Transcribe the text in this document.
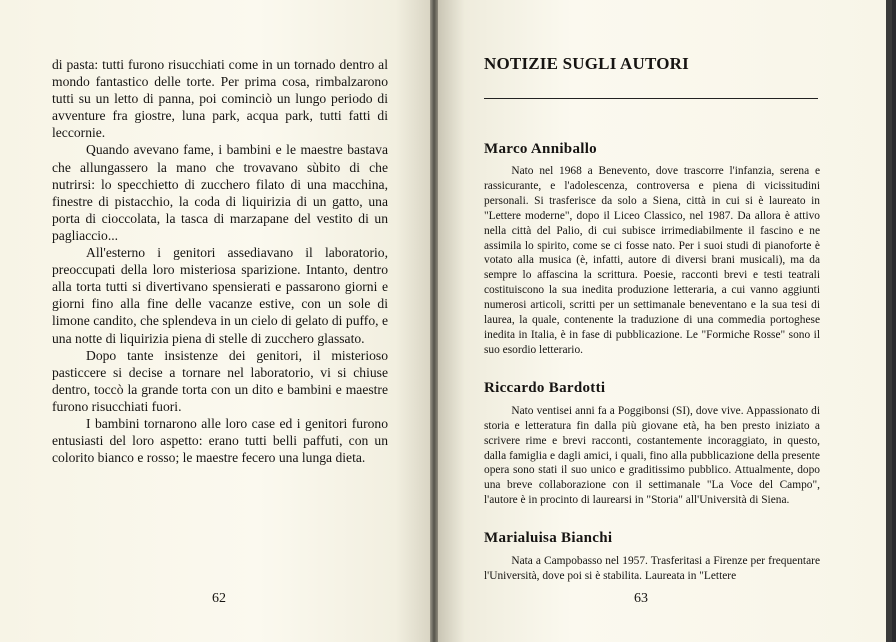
di pasta: tutti furono risucchiati come in un tornado dentro al mondo fantastico delle torte. Per prima cosa, rimbalzarono tutti su un letto di panna, poi cominciò un lungo periodo di avventure fra giostre, luna park, acqua park, tutti fatti di leccornie.

Quando avevano fame, i bambini e le maestre bastava che allungassero la mano che trovavano sùbito di che nutrirsi: lo specchietto di zucchero filato di una macchina, finestre di pistacchio, la coda di liquirizia di un gatto, una porta di cioccolata, la tasca di marzapane del vestito di un pagliaccio...

All'esterno i genitori assediavano il laboratorio, preoccupati della loro misteriosa sparizione. Intanto, dentro alla torta tutti si divertivano spensierati e passarono giorni e giorni fino alla fine delle vacanze estive, con un sole di limone candito, che splendeva in un cielo di gelato di puffo, e una notte di liquirizia piena di stelle di zucchero glassato.

Dopo tante insistenze dei genitori, il misterioso pasticcere si decise a tornare nel laboratorio, vi si chiuse dentro, toccò la grande torta con un dito e bambini e maestre furono risucchiati fuori.

I bambini tornarono alle loro case ed i genitori furono entusiasti del loro aspetto: erano tutti belli paffuti, con un colorito bianco e rosso; le maestre fecero una lunga dieta.

62
NOTIZIE SUGLI AUTORI
Marco Anniballo

Nato nel 1968 a Benevento, dove trascorre l'infanzia, serena e rassicurante, e l'adolescenza, controversa e piena di vicissitudini personali. Si trasferisce da solo a Siena, città in cui si è laureato in "Lettere moderne", dopo il Liceo Classico, nel 1987. Da allora è attivo nella città del Palio, di cui subisce irrimediabilmente il fascino e ne assimila lo spirito, come se ci fosse nato. Per i suoi studi di pianoforte è votato alla musica (è, infatti, autore di diversi brani musicali), ma da sempre lo affascina la scrittura. Poesie, racconti brevi e testi teatrali costituiscono la sua inedita produzione letteraria, a cui vanno aggiunti numerosi articoli, scritti per un settimanale beneventano e la sua tesi di laurea, la quale, contenente la traduzione di una commedia portoghese inedita in Italia, è in fase di pubblicazione. Le "Formiche Rosse" sono il suo esordio letterario.

Riccardo Bardotti

Nato ventisei anni fa a Poggibonsi (SI), dove vive. Appassionato di storia e letteratura fin dalla più giovane età, ha ben presto iniziato a scrivere rime e brevi racconti, costantemente incoraggiato, in questo, dalla famiglia e dagli amici, i quali, fino alla pubblicazione della presente opera sono stati il suo unico e graditissimo pubblico. Attualmente, dopo una breve collaborazione con il settimanale "La Voce del Campo", l'autore è in procinto di laurearsi in "Storia" all'Università di Siena.

Marialuisa Bianchi

Nata a Campobasso nel 1957. Trasferitasi a Firenze per frequentare l'Università, dove poi si è stabilita. Laureata in "Lettere

63
